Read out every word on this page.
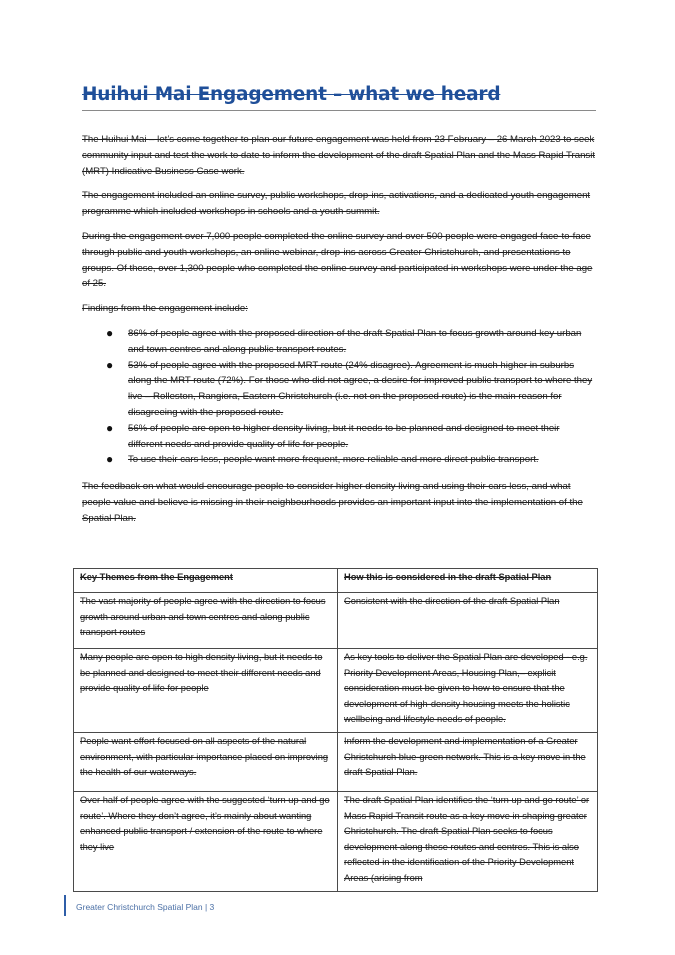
Huihui Mai Engagement – what we heard

The Huihui Mai – let’s come together to plan our future engagement was held from 23 February – 26 March 2023 to seek community input and test the work to date to inform the development of the draft Spatial Plan and the Mass Rapid Transit (MRT) Indicative Business Case work.

The engagement included an online survey, public workshops, drop-ins, activations, and a dedicated youth engagement programme which included workshops in schools and a youth summit.

During the engagement over 7,000 people completed the online survey and over 500 people were engaged face-to-face through public and youth workshops, an online webinar, drop-ins across Greater Christchurch, and presentations to groups. Of these, over 1,300 people who completed the online survey and participated in workshops were under the age of 25.

Findings from the engagement include:

● 86% of people agree with the proposed direction of the draft Spatial Plan to focus growth around key urban and town centres and along public transport routes.
● 53% of people agree with the proposed MRT route (24% disagree). Agreement is much higher in suburbs along the MRT route (72%). For those who did not agree, a desire for improved public transport to where they live – Rolleston, Rangiora, Eastern Christchurch (i.e. not on the proposed route) is the main reason for disagreeing with the proposed route.
● 56% of people are open to higher density living, but it needs to be planned and designed to meet their different needs and provide quality of life for people.
● To use their cars less, people want more frequent, more reliable and more direct public transport.

The feedback on what would encourage people to consider higher density living and using their cars less, and what people value and believe is missing in their neighbourhoods provides an important input into the implementation of the Spatial Plan.

Key Themes from the Engagement	How this is considered in the draft Spatial Plan
The vast majority of people agree with the direction to focus growth around urban and town centres and along public transport routes	Consistent with the direction of the draft Spatial Plan
Many people are open to high density living, but it needs to be planned and designed to meet their different needs and provide quality of life for people	As key tools to deliver the Spatial Plan are developed - e.g. Priority Development Areas, Housing Plan,– explicit consideration must be given to how to ensure that the development of high-density housing meets the holistic wellbeing and lifestyle needs of people.
People want effort focused on all aspects of the natural environment, with particular importance placed on improving the health of our waterways.	Inform the development and implementation of a Greater Christchurch blue-green network. This is a key move in the draft Spatial Plan.
Over half of people agree with the suggested ‘turn up and go route’. Where they don’t agree, it’s mainly about wanting enhanced public transport / extension of the route to where they live	The draft Spatial Plan identifies the ‘turn up and go route’ or Mass Rapid Transit route as a key move in shaping greater Christchurch. The draft Spatial Plan seeks to focus development along these routes and centres. This is also reflected in the identification of the Priority Development Areas (arising from
Greater Christchurch Spatial Plan | 3
